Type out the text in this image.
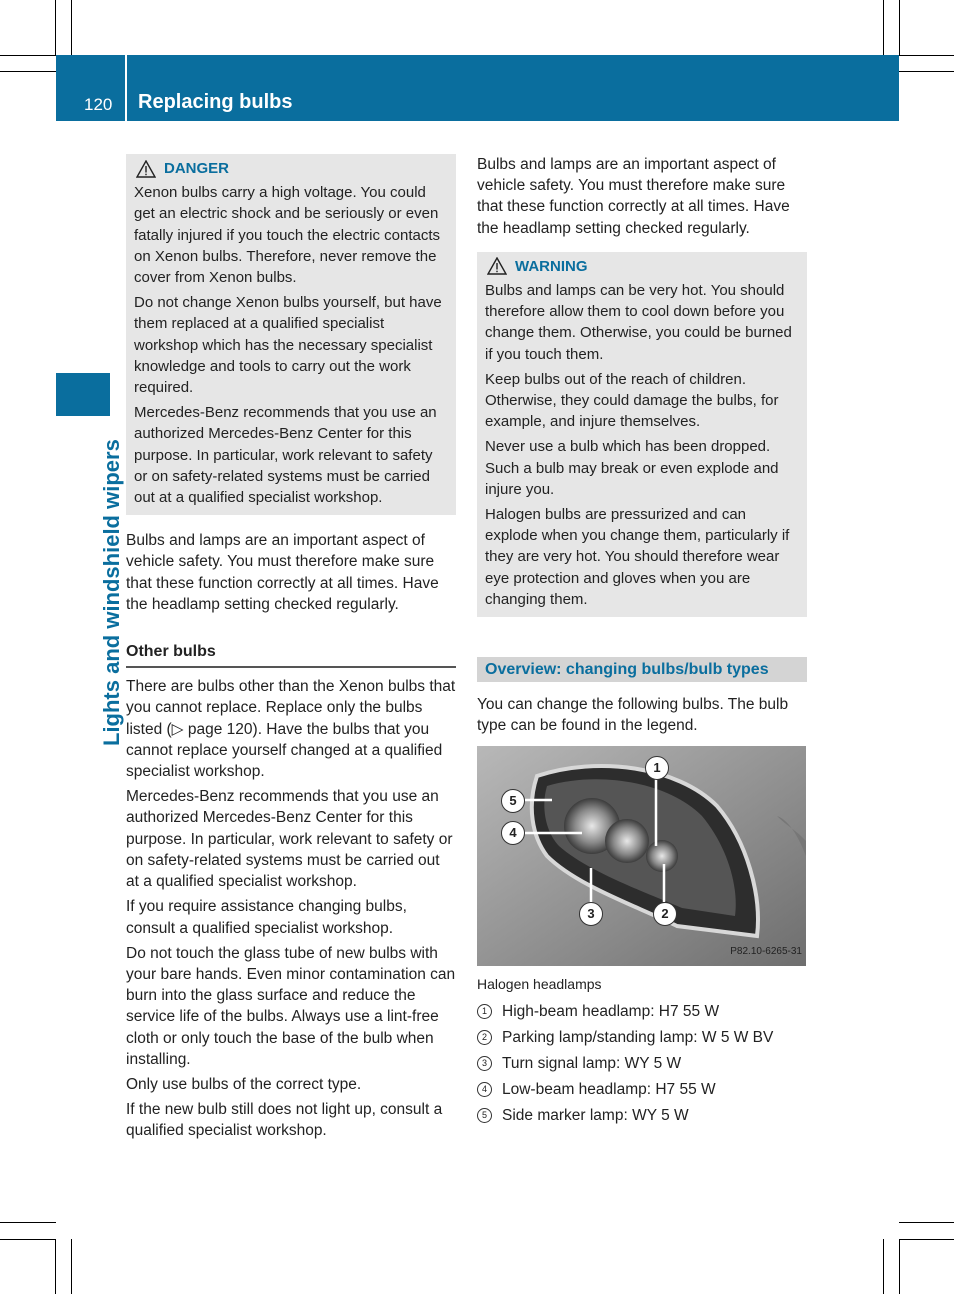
120 Replacing bulbs
Lights and windshield wipers
DANGER

Xenon bulbs carry a high voltage. You could get an electric shock and be seriously or even fatally injured if you touch the electric contacts on Xenon bulbs. Therefore, never remove the cover from Xenon bulbs.

Do not change Xenon bulbs yourself, but have them replaced at a qualified specialist workshop which has the necessary specialist knowledge and tools to carry out the work required.

Mercedes-Benz recommends that you use an authorized Mercedes-Benz Center for this purpose. In particular, work relevant to safety or on safety-related systems must be carried out at a qualified specialist workshop.

Bulbs and lamps are an important aspect of vehicle safety. You must therefore make sure that these function correctly at all times. Have the headlamp setting checked regularly.

Other bulbs

There are bulbs other than the Xenon bulbs that you cannot replace. Replace only the bulbs listed (▷ page 120). Have the bulbs that you cannot replace yourself changed at a qualified specialist workshop.

Mercedes-Benz recommends that you use an authorized Mercedes-Benz Center for this purpose. In particular, work relevant to safety or on safety-related systems must be carried out at a qualified specialist workshop.

If you require assistance changing bulbs, consult a qualified specialist workshop.

Do not touch the glass tube of new bulbs with your bare hands. Even minor contamination can burn into the glass surface and reduce the service life of the bulbs. Always use a lint-free cloth or only touch the base of the bulb when installing.

Only use bulbs of the correct type.

If the new bulb still does not light up, consult a qualified specialist workshop.

Bulbs and lamps are an important aspect of vehicle safety. You must therefore make sure that these function correctly at all times. Have the headlamp setting checked regularly.

WARNING

Bulbs and lamps can be very hot. You should therefore allow them to cool down before you change them. Otherwise, you could be burned if you touch them.

Keep bulbs out of the reach of children. Otherwise, they could damage the bulbs, for example, and injure themselves.

Never use a bulb which has been dropped. Such a bulb may break or even explode and injure you.

Halogen bulbs are pressurized and can explode when you change them, particularly if they are very hot. You should therefore wear eye protection and gloves when you are changing them.

Overview: changing bulbs/bulb types

You can change the following bulbs. The bulb type can be found in the legend.

1
5
4
3	2
P82.10-6265-31
Halogen headlamps
1 High-beam headlamp: H7 55 W
2 Parking lamp/standing lamp: W 5 W BV
3 Turn signal lamp: WY 5 W
4 Low-beam headlamp: H7 55 W
5 Side marker lamp: WY 5 W
